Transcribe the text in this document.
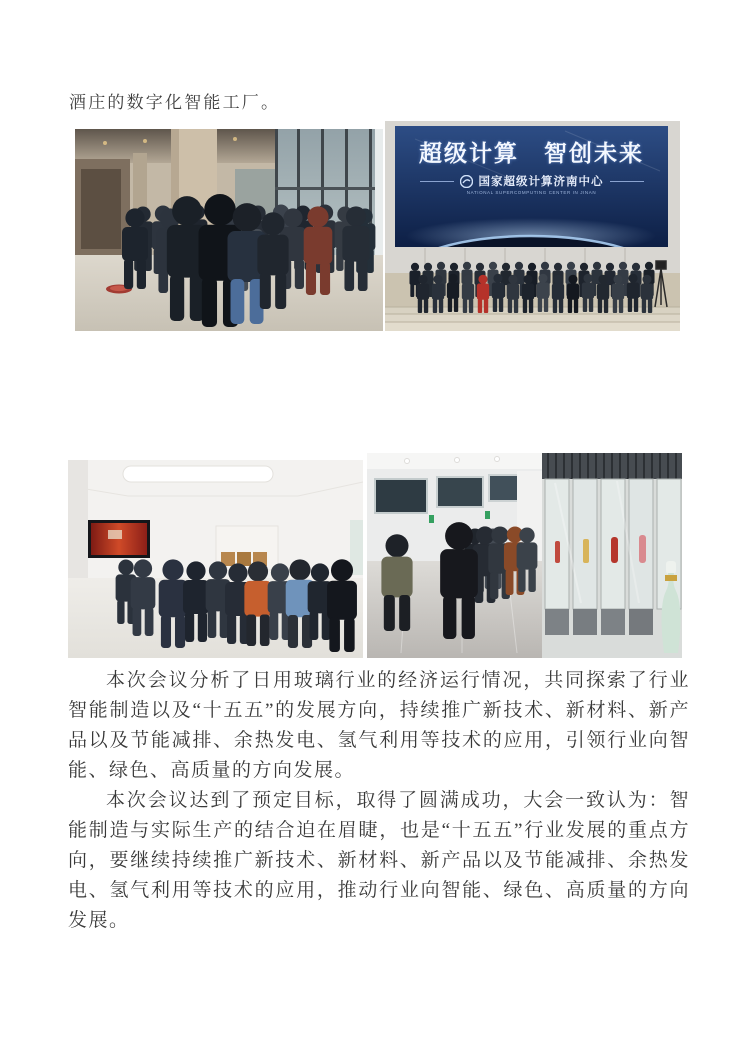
酒庄的数字化智能工厂。

超级计算　智创未来
国家超级计算济南中心
NATIONAL SUPERCOMPUTING CENTER IN JINAN

本次会议分析了日用玻璃行业的经济运行情况，共同探索了行业智能制造以及“十五五”的发展方向，持续推广新技术、新材料、新产品以及节能减排、余热发电、氢气利用等技术的应用，引领行业向智能、绿色、高质量的方向发展。

本次会议达到了预定目标，取得了圆满成功，大会一致认为：智能制造与实际生产的结合迫在眉睫，也是“十五五”行业发展的重点方向，要继续持续推广新技术、新材料、新产品以及节能减排、余热发电、氢气利用等技术的应用，推动行业向智能、绿色、高质量的方向发展。
